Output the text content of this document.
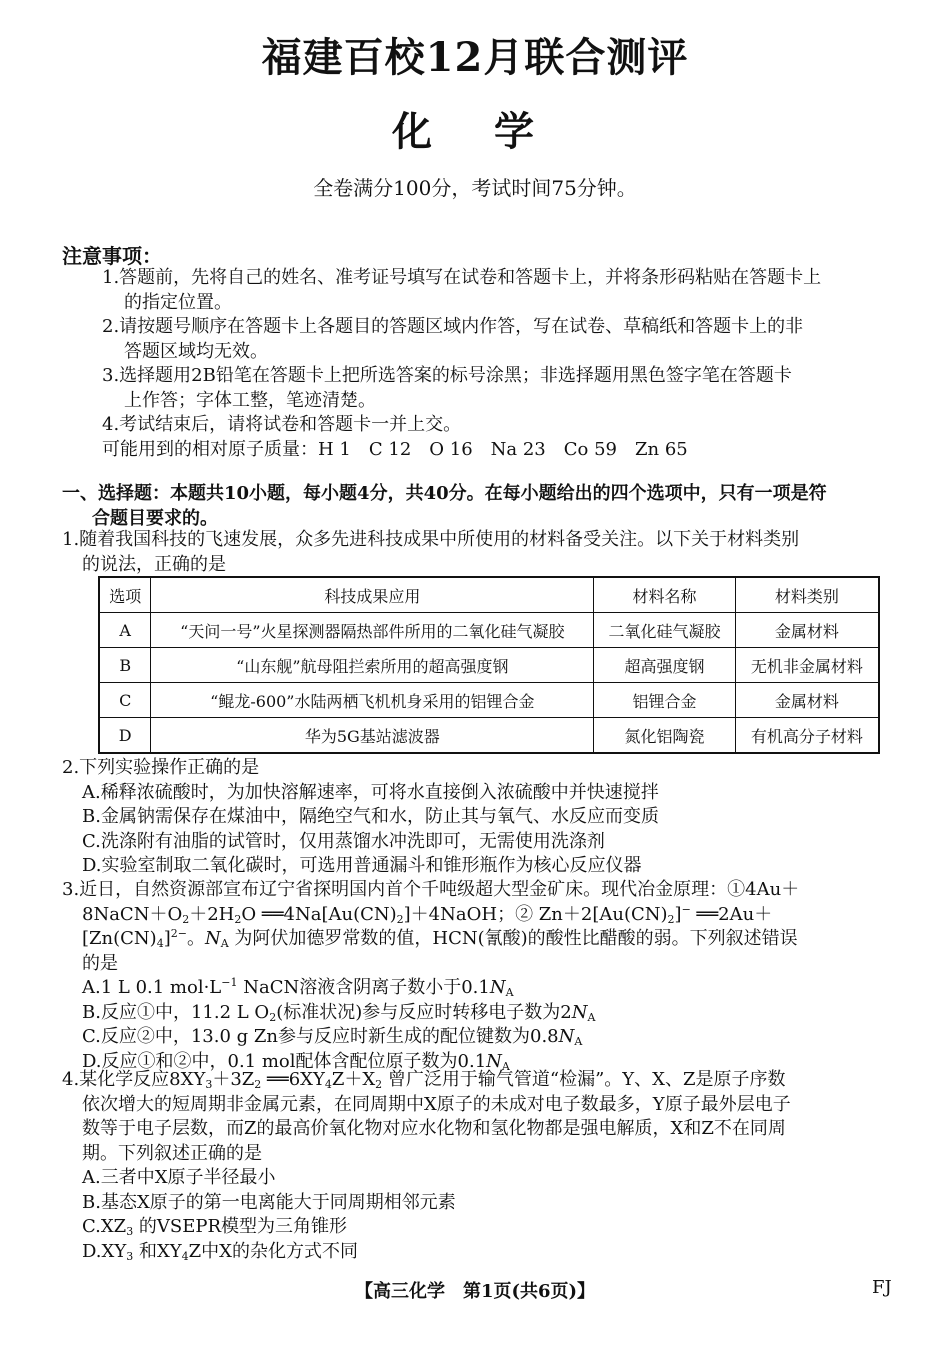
福建百校12月联合测评
化 学
全卷满分100分，考试时间75分钟。
注意事项：
1.答题前，先将自己的姓名、准考证号填写在试卷和答题卡上，并将条形码粘贴在答题卡上
的指定位置。
2.请按题号顺序在答题卡上各题目的答题区域内作答，写在试卷、草稿纸和答题卡上的非
答题区域均无效。
3.选择题用2B铅笔在答题卡上把所选答案的标号涂黑；非选择题用黑色签字笔在答题卡
上作答；字体工整，笔迹清楚。
4.考试结束后，请将试卷和答题卡一并上交。
可能用到的相对原子质量：H 1　C 12　O 16　Na 23　Co 59　Zn 65
一、选择题：本题共10小题，每小题4分，共40分。在每小题给出的四个选项中，只有一项是符
合题目要求的。
1.随着我国科技的飞速发展，众多先进科技成果中所使用的材料备受关注。以下关于材料类别
的说法，正确的是
选项	科技成果应用	材料名称	材料类别
A	“天问一号”火星探测器隔热部件所用的二氧化硅气凝胶	二氧化硅气凝胶	金属材料
B	“山东舰”航母阻拦索所用的超高强度钢	超高强度钢	无机非金属材料
C	“鲲龙-600”水陆两栖飞机机身采用的铝锂合金	铝锂合金	金属材料
D	华为5G基站滤波器	氮化铝陶瓷	有机高分子材料
2.下列实验操作正确的是
A.稀释浓硫酸时，为加快溶解速率，可将水直接倒入浓硫酸中并快速搅拌
B.金属钠需保存在煤油中，隔绝空气和水，防止其与氧气、水反应而变质
C.洗涤附有油脂的试管时，仅用蒸馏水冲洗即可，无需使用洗涤剂
D.实验室制取二氧化碳时，可选用普通漏斗和锥形瓶作为核心反应仪器
3.近日，自然资源部宣布辽宁省探明国内首个千吨级超大型金矿床。现代冶金原理：①4Au＋
$8NaCN+O_2+2H_2O$ $══4Na[Au(CN)_2]+4NaOH$；② $Zn+2[Au(CN)_2]^-$ ══2Au＋
$[Zn(CN)_4]^{2-}$。$N_A$ 为阿伏加德罗常数的值，HCN(氰酸)的酸性比醋酸的弱。下列叙述错误
的是
A.1 L 0.1 $mol\cdot L^{-1}$ NaCN溶液含阴离子数小于$0.1N_A$
B.反应①中，11.2 L $O_2$(标准状况)参与反应时转移电子数为$2N_A$
C.反应②中，13.0 g Zn参与反应时新生成的配位键数为$0.8N_A$
D.反应①和②中，0.1 mol配体含配位原子数为$0.1N_A$
4.某化学反应$8XY_3+3Z_2$ $══6XY_4Z+X_2$ 曾广泛用于输气管道“检漏”。Y、X、Z是原子序数
依次增大的短周期非金属元素，在同周期中X原子的未成对电子数最多，Y原子最外层电子
数等于电子层数，而Z的最高价氧化物对应水化物和氢化物都是强电解质，X和Z不在同周
期。下列叙述正确的是
A.三者中X原子半径最小
B.基态X原子的第一电离能大于同周期相邻元素
$C.XZ_3$ 的VSEPR模型为三角锥形
$D.XY_3$ 和$XY_4Z$中X的杂化方式不同
【高三化学　第1页(共6页)】	FJ
